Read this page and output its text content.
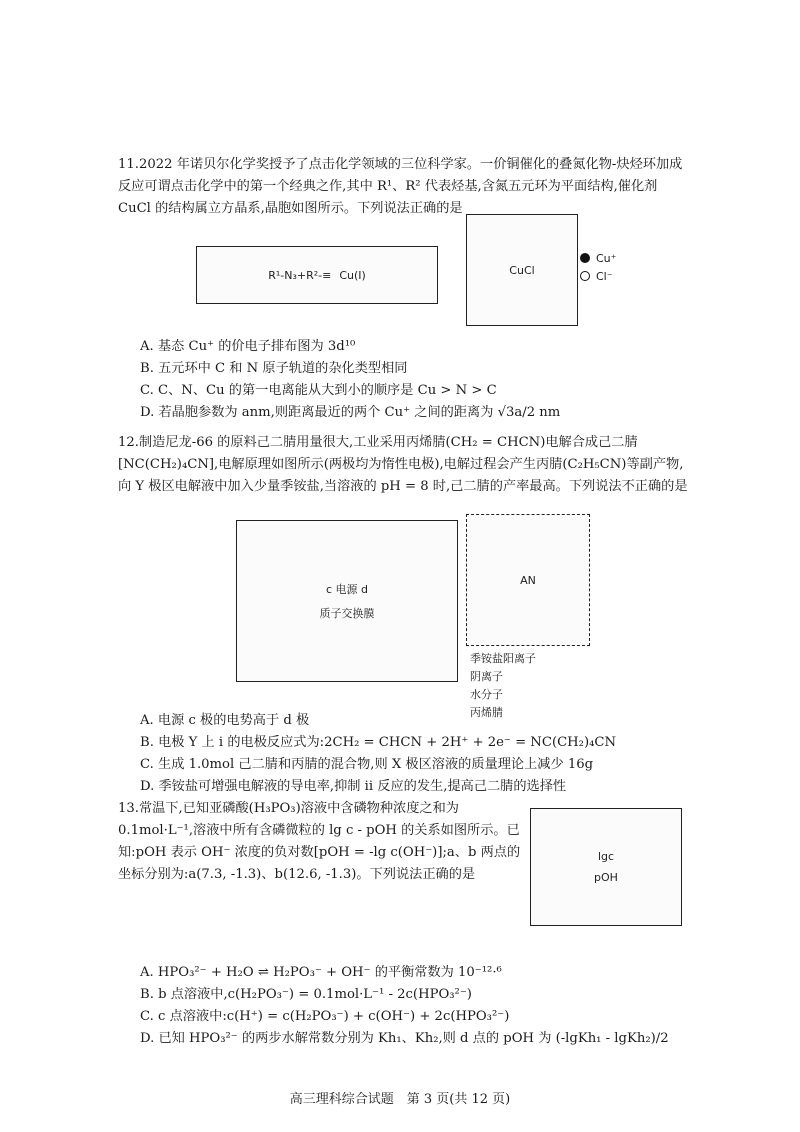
11.2022 年诺贝尔化学奖授予了点击化学领域的三位科学家。一价铜催化的叠氮化物-炔烃环加成反应可谓点击化学中的第一个经典之作,其中 R¹、R² 代表烃基,含氮五元环为平面结构,催化剂 CuCl 的结构属立方晶系,晶胞如图所示。下列说法正确的是

R¹-N₃+R²-≡ Cu(I)	CuCl
Cu⁺
Cl⁻

A. 基态 Cu⁺ 的价电子排布图为 3d¹⁰

B. 五元环中 C 和 N 原子轨道的杂化类型相同

C. C、N、Cu 的第一电离能从大到小的顺序是 Cu > N > C

D. 若晶胞参数为 anm,则距离最近的两个 Cu⁺ 之间的距离为 √3a/2 nm

12.制造尼龙-66 的原料己二腈用量很大,工业采用丙烯腈(CH₂ = CHCN)电解合成己二腈[NC(CH₂)₄CN],电解原理如图所示(两极均为惰性电极),电解过程会产生丙腈(C₂H₅CN)等副产物,向 Y 极区电解液中加入少量季铵盐,当溶液的 pH = 8 时,己二腈的产率最高。下列说法不正确的是

c 电源 d
质子交换膜
AN
季铵盐阳离子
阴离子
水分子
丙烯腈

A. 电源 c 极的电势高于 d 极

B. 电极 Y 上 i 的电极反应式为:2CH₂ = CHCN + 2H⁺ + 2e⁻ = NC(CH₂)₄CN

C. 生成 1.0mol 己二腈和丙腈的混合物,则 X 极区溶液的质量理论上减少 16g

D. 季铵盐可增强电解液的导电率,抑制 ii 反应的发生,提高己二腈的选择性

13.常温下,已知亚磷酸(H₃PO₃)溶液中含磷物种浓度之和为 0.1mol·L⁻¹,溶液中所有含磷微粒的 lg c - pOH 的关系如图所示。已知:pOH 表示 OH⁻ 浓度的负对数[pOH = -lg c(OH⁻)];a、b 两点的坐标分别为:a(7.3, -1.3)、b(12.6, -1.3)。下列说法正确的是

lgc
pOH

A. HPO₃²⁻ + H₂O ⇌ H₂PO₃⁻ + OH⁻ 的平衡常数为 10⁻¹²·⁶

B. b 点溶液中,c(H₂PO₃⁻) = 0.1mol·L⁻¹ - 2c(HPO₃²⁻)

C. c 点溶液中:c(H⁺) = c(H₂PO₃⁻) + c(OH⁻) + 2c(HPO₃²⁻)

D. 已知 HPO₃²⁻ 的两步水解常数分别为 Kh₁、Kh₂,则 d 点的 pOH 为 (-lgKh₁ - lgKh₂)/2

高三理科综合试题　第 3 页(共 12 页)
